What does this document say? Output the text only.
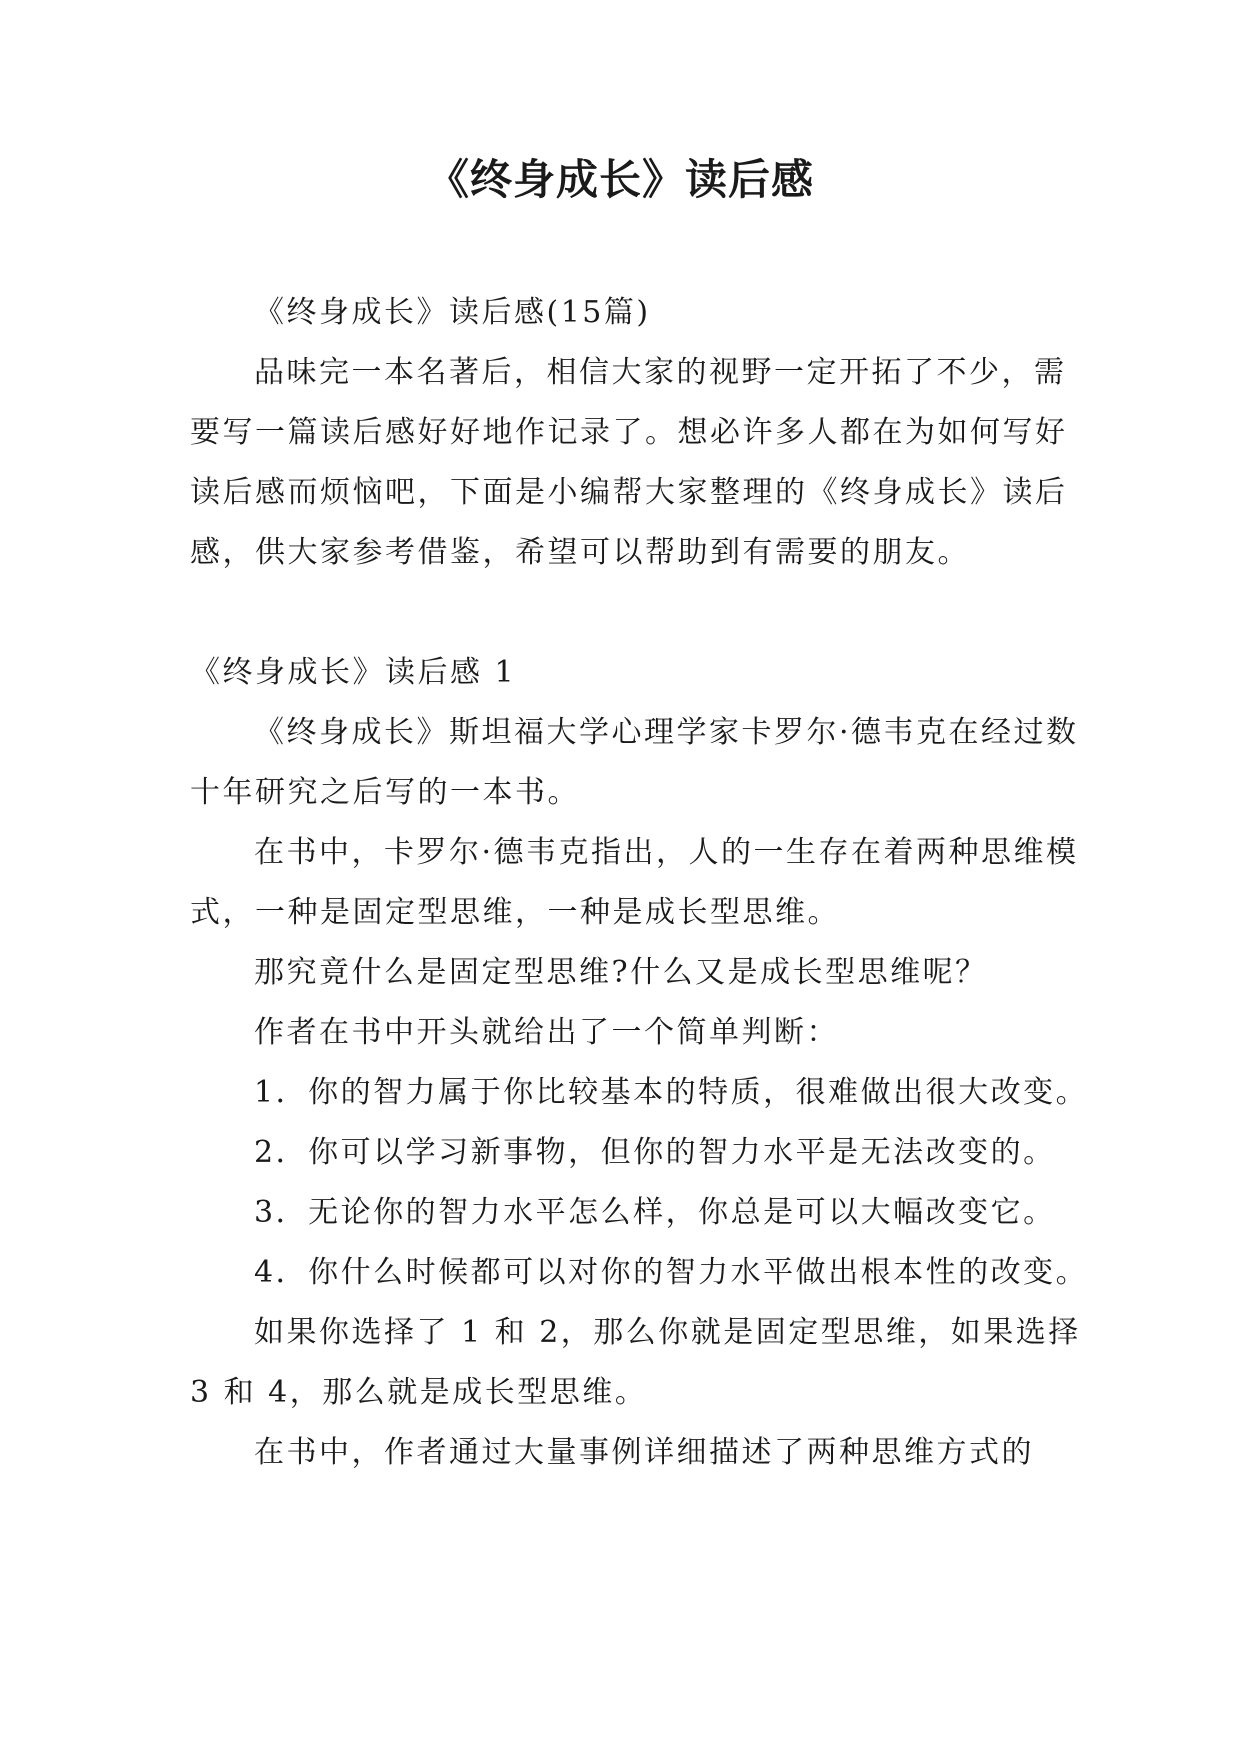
《终身成长》读后感

《终身成长》读后感(15篇)

品味完一本名著后，相信大家的视野一定开拓了不少，需要写一篇读后感好好地作记录了。想必许多人都在为如何写好读后感而烦恼吧，下面是小编帮大家整理的《终身成长》读后感，供大家参考借鉴，希望可以帮助到有需要的朋友。

《终身成长》读后感 1

《终身成长》斯坦福大学心理学家卡罗尔·德韦克在经过数十年研究之后写的一本书。

在书中，卡罗尔·德韦克指出，人的一生存在着两种思维模式，一种是固定型思维，一种是成长型思维。

那究竟什么是固定型思维?什么又是成长型思维呢？

作者在书中开头就给出了一个简单判断：

1．你的智力属于你比较基本的特质，很难做出很大改变。

2．你可以学习新事物，但你的智力水平是无法改变的。

3．无论你的智力水平怎么样，你总是可以大幅改变它。

4．你什么时候都可以对你的智力水平做出根本性的改变。

如果你选择了 1 和 2，那么你就是固定型思维，如果选择 3 和 4，那么就是成长型思维。

在书中，作者通过大量事例详细描述了两种思维方式的
